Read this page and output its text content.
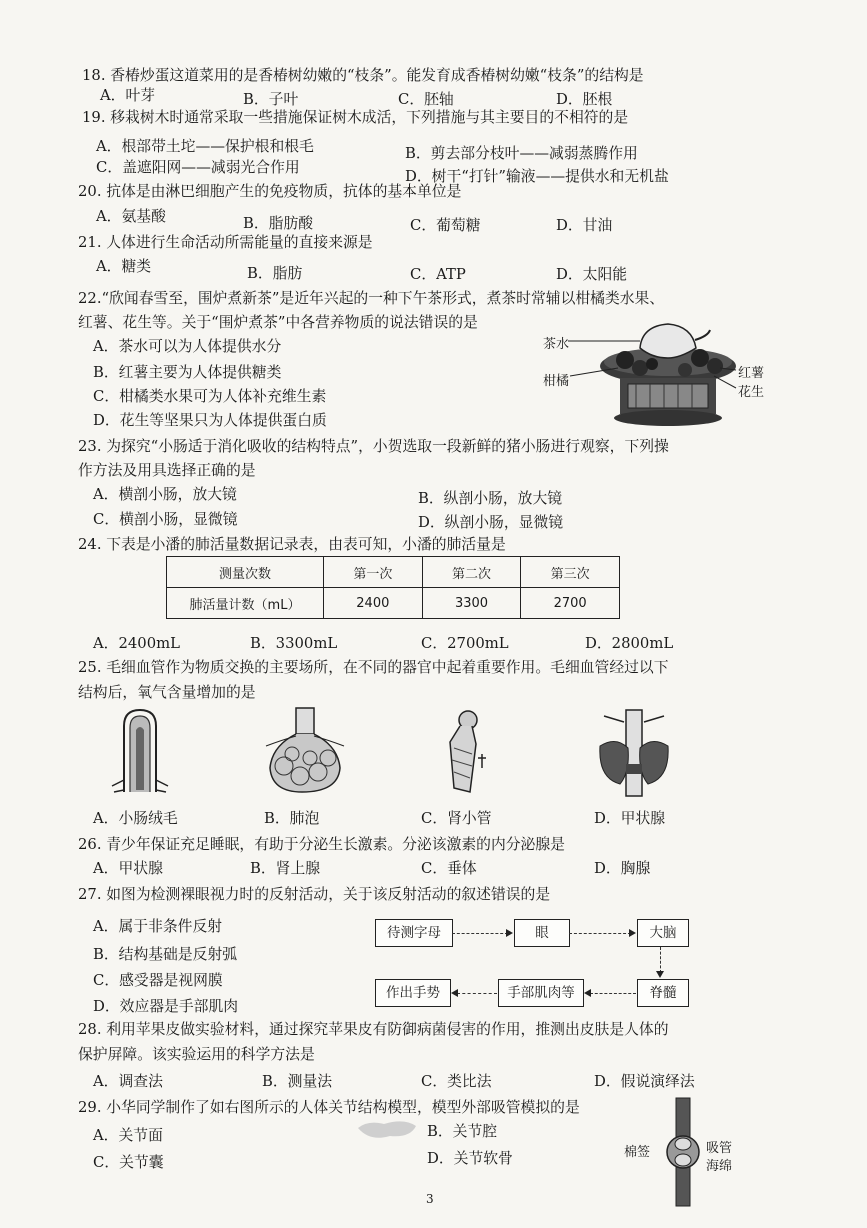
18. 香椿炒蛋这道菜用的是香椿树幼嫩的“枝条”。能发育成香椿树幼嫩“枝条”的结构是
A．叶芽	B．子叶	C．胚轴	D．胚根
19. 移栽树木时通常采取一些措施保证树木成活，下列措施与其主要目的不相符的是
A．根部带土坨——保护根和根毛	B．剪去部分枝叶——减弱蒸腾作用
C．盖遮阳网——减弱光合作用
D．树干“打针”输液——提供水和无机盐
20. 抗体是由淋巴细胞产生的免疫物质，抗体的基本单位是
A．氨基酸	B．脂肪酸	C．葡萄糖	D．甘油
21. 人体进行生命活动所需能量的直接来源是
A．糖类	B．脂肪	C．ATP	D．太阳能
22.“欣闻春雪至，围炉煮新茶”是近年兴起的一种下午茶形式，煮茶时常辅以柑橘类水果、
红薯、花生等。关于“围炉煮茶”中各营养物质的说法错误的是
A．茶水可以为人体提供水分
B．红薯主要为人体提供糖类
C．柑橘类水果可为人体补充维生素
D．花生等坚果只为人体提供蛋白质
茶水
柑橘
红薯
花生
23. 为探究“小肠适于消化吸收的结构特点”，小贺选取一段新鲜的猪小肠进行观察，下列操
作方法及用具选择正确的是
A．横剖小肠，放大镜	B．纵剖小肠，放大镜
C．横剖小肠，显微镜	D．纵剖小肠，显微镜
24. 下表是小潘的肺活量数据记录表，由表可知，小潘的肺活量是
测量次数	第一次	第二次	第三次
肺活量计数（mL）	2400	3300	2700
A．2400mL	B．3300mL	C．2700mL	D．2800mL
25. 毛细血管作为物质交换的主要场所，在不同的器官中起着重要作用。毛细血管经过以下
结构后，氧气含量增加的是
A．小肠绒毛	B．肺泡	C．肾小管	D．甲状腺
26. 青少年保证充足睡眠，有助于分泌生长激素。分泌该激素的内分泌腺是
A．甲状腺	B．肾上腺	C．垂体	D．胸腺
27. 如图为检测裸眼视力时的反射活动，关于该反射活动的叙述错误的是
A．属于非条件反射
B．结构基础是反射弧
C．感受器是视网膜
D．效应器是手部肌肉
待测字母	眼	大脑
脊髓
手部肌肉等
作出手势
28. 利用苹果皮做实验材料，通过探究苹果皮有防御病菌侵害的作用，推测出皮肤是人体的
保护屏障。该实验运用的科学方法是
A．调查法	B．测量法	C．类比法	D．假说演绎法
29. 小华同学制作了如右图所示的人体关节结构模型，模型外部吸管模拟的是
A．关节面	B．关节腔
C．关节囊	D．关节软骨	棉签	吸管
海绵
3
